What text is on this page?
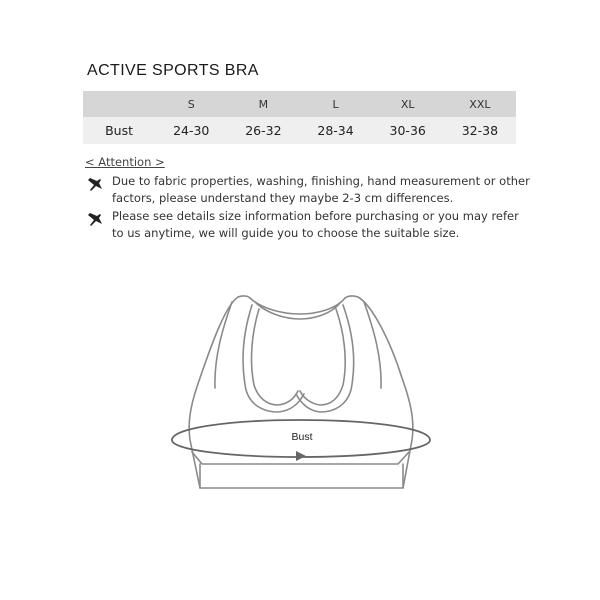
ACTIVE SPORTS BRA
	S	M	L	XL	XXL
Bust	24-30	26-32	28-34	30-36	32-38
< Attention >
Due to fabric properties, washing, finishing, hand measurement or other factors, please understand they maybe 2-3 cm differences.
Please see details size information before purchasing or you may refer to us anytime, we will guide you to choose the suitable size.
Bust
